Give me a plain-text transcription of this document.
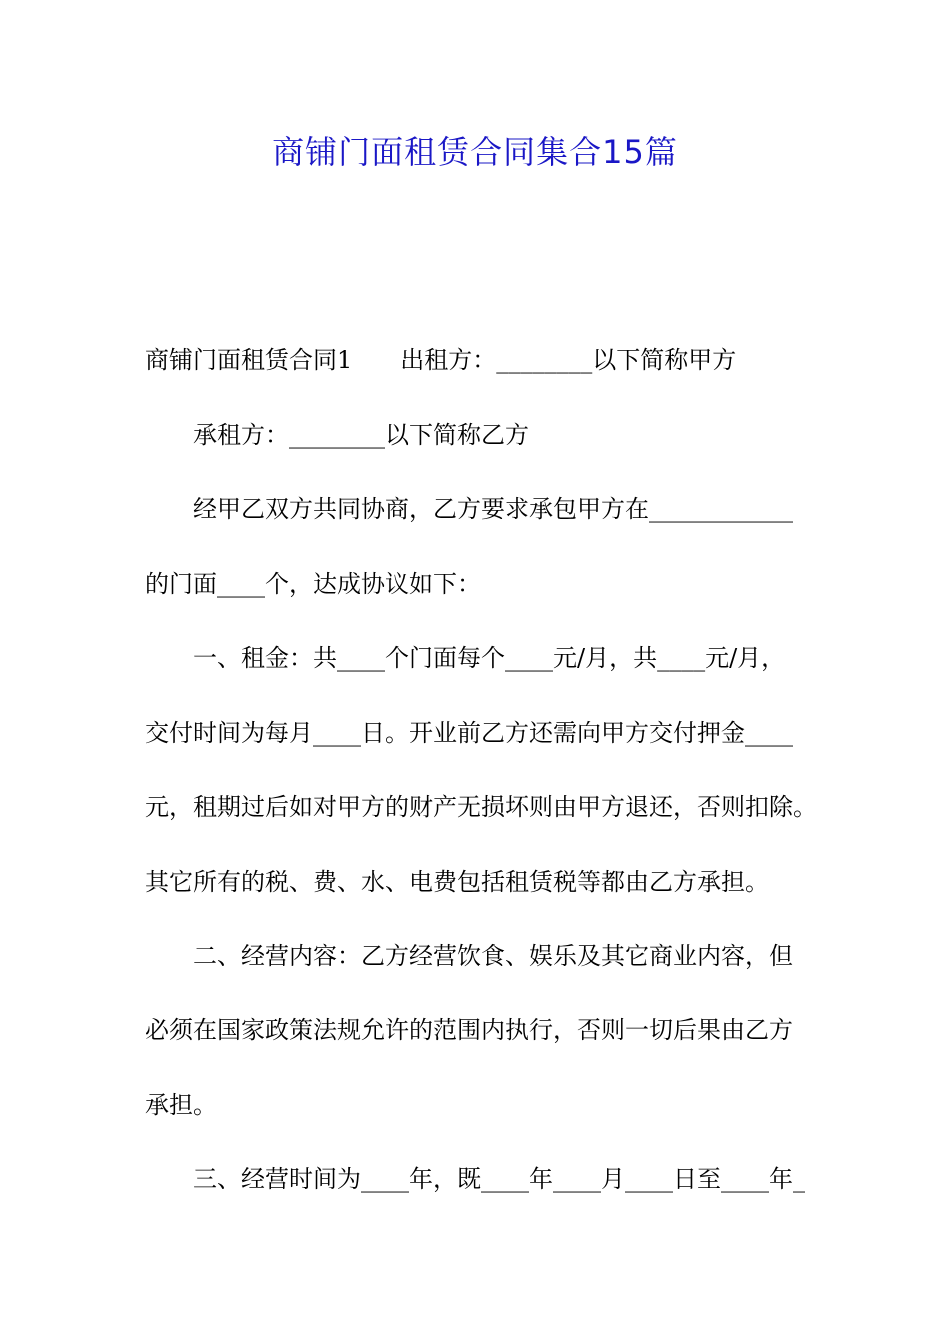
商铺门面租赁合同集合15篇

商铺门面租赁合同1　　出租方：________以下简称甲方

　　承租方：________以下简称乙方

　　经甲乙双方共同协商，乙方要求承包甲方在____________

的门面____个，达成协议如下：

　　一、租金：共____个门面每个____元/月，共____元/月，

交付时间为每月____日。开业前乙方还需向甲方交付押金____

元，租期过后如对甲方的财产无损坏则由甲方退还，否则扣除。

其它所有的税、费、水、电费包括租赁税等都由乙方承担。

　　二、经营内容：乙方经营饮食、娱乐及其它商业内容，但

必须在国家政策法规允许的范围内执行，否则一切后果由乙方

承担。

　　三、经营时间为____年，既____年____月____日至____年_
